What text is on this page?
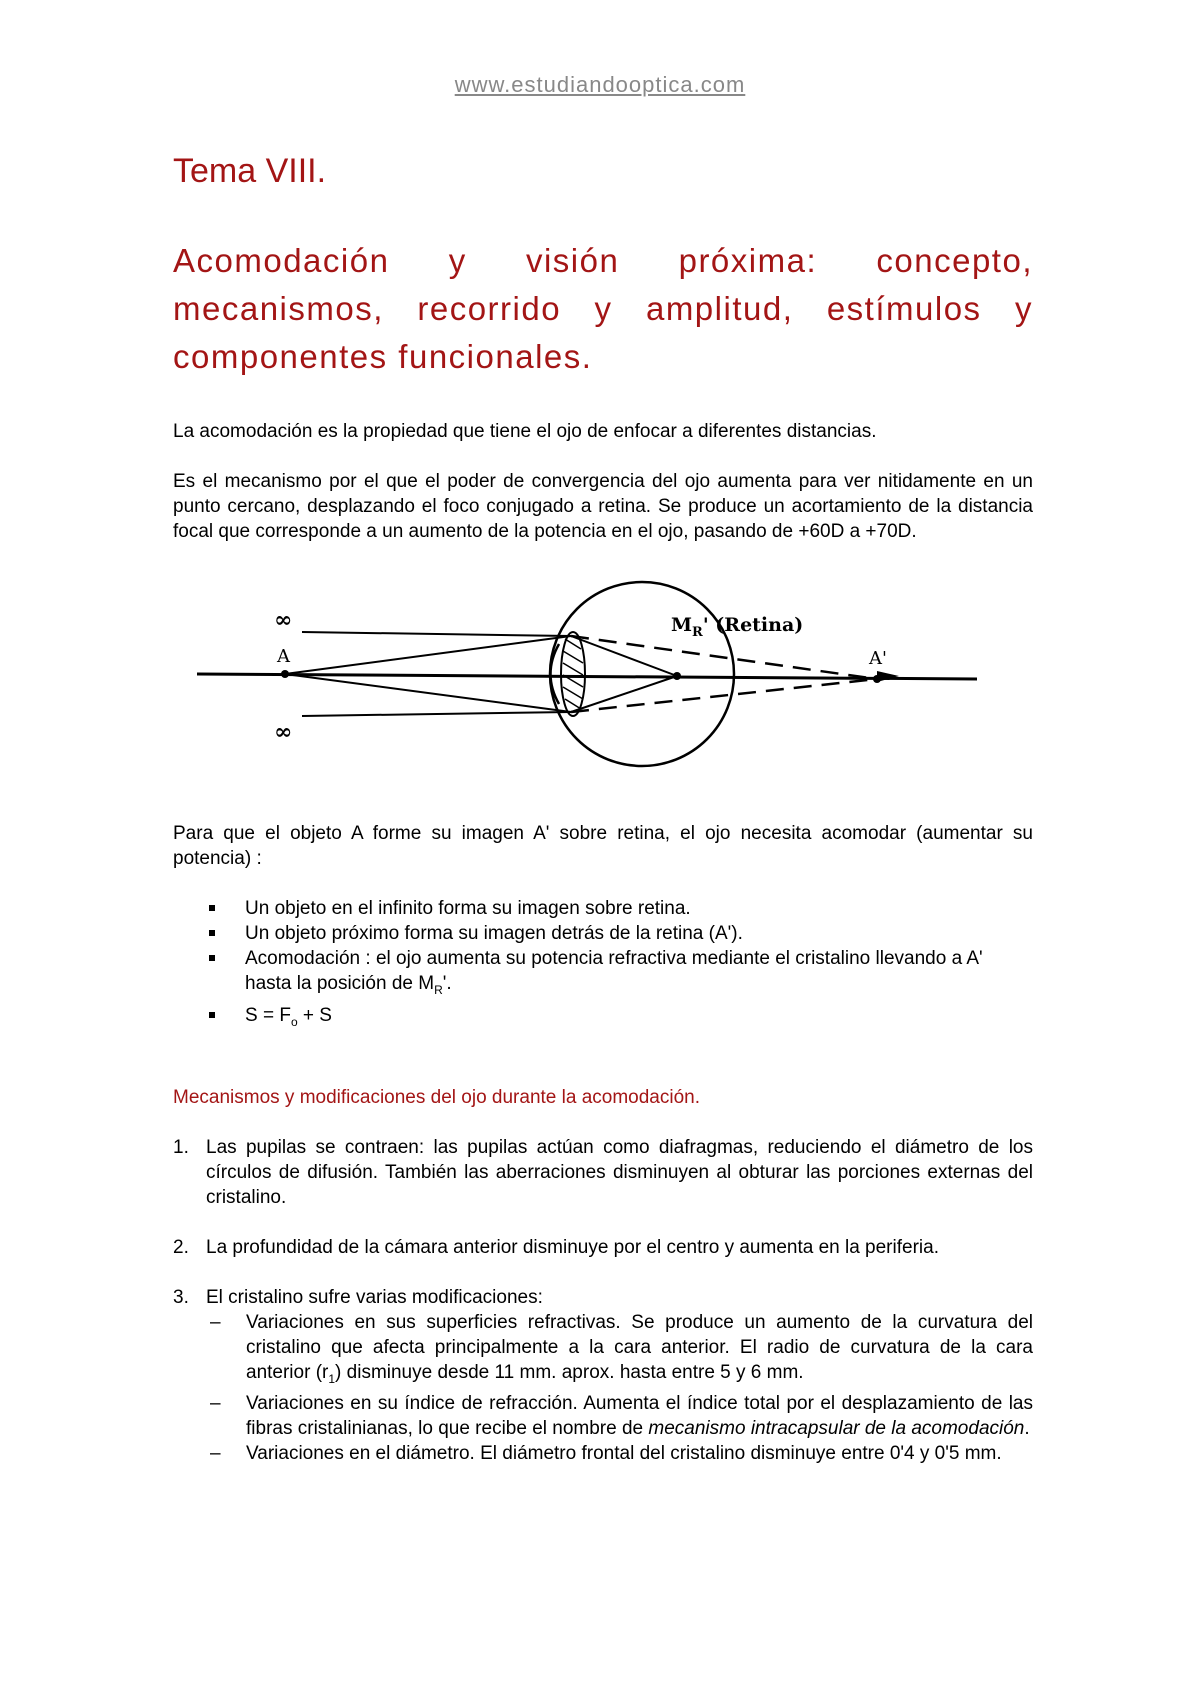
www.estudiandooptica.com
Tema VIII.
Acomodación y visión próxima: concepto, mecanismos, recorrido y amplitud, estímulos y componentes funcionales.

La acomodación es la propiedad que tiene el ojo de enfocar a diferentes distancias.

Es el mecanismo por el que el poder de convergencia del ojo aumenta para ver nitidamente en un punto cercano, desplazando el foco conjugado a retina. Se produce un acortamiento de la distancia focal que corresponde a un aumento de la potencia en el ojo, pasando de +60D a +70D.

∞
∞
A
$M_R'$ (Retina)
A'

Para que el objeto A forme su imagen A' sobre retina, el ojo necesita acomodar (aumentar su potencia) :

Un objeto en el infinito forma su imagen sobre retina.
Un objeto próximo forma su imagen detrás de la retina (A').
Acomodación : el ojo aumenta su potencia refractiva mediante el cristalino llevando a A' hasta la posición de $M_R'$.
$S = F_o + S$
Mecanismos y modificaciones del ojo durante la acomodación.
1. Las pupilas se contraen: las pupilas actúan como diafragmas, reduciendo el diámetro de los círculos de difusión. También las aberraciones disminuyen al obturar las porciones externas del cristalino.
2. La profundidad de la cámara anterior disminuye por el centro y aumenta en la periferia.
3. El cristalino sufre varias modificaciones:
– Variaciones en sus superficies refractivas. Se produce un aumento de la curvatura del cristalino que afecta principalmente a la cara anterior. El radio de curvatura de la cara anterior $(r_1)$ disminuye desde 11 mm. aprox. hasta entre 5 y 6 mm.
– Variaciones en su índice de refracción. Aumenta el índice total por el desplazamiento de las fibras cristalinianas, lo que recibe el nombre de mecanismo intracapsular de la acomodación.
– Variaciones en el diámetro. El diámetro frontal del cristalino disminuye entre 0'4 y 0'5 mm.
